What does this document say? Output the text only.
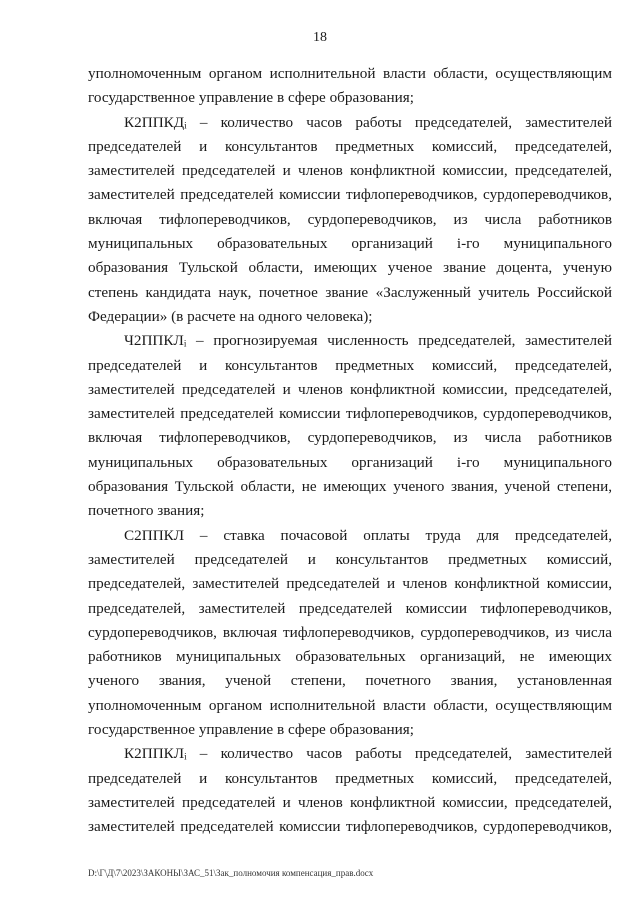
18

уполномоченным органом исполнительной власти области, осуществляющим

государственное управление в сфере образования;

К2ППКДᵢ – количество часов работы председателей, заместителей

председателей и консультантов предметных комиссий, председателей,

заместителей председателей и членов конфликтной комиссии, председателей,

заместителей председателей комиссии тифлопереводчиков, сурдопереводчиков,

включая тифлопереводчиков, сурдопереводчиков, из числа работников

муниципальных образовательных организаций i-го муниципального

образования Тульской области, имеющих ученое звание доцента, ученую

степень кандидата наук, почетное звание «Заслуженный учитель Российской

Федерации» (в расчете на одного человека);

Ч2ППКЛᵢ – прогнозируемая численность председателей, заместителей

председателей и консультантов предметных комиссий, председателей,

заместителей председателей и членов конфликтной комиссии, председателей,

заместителей председателей комиссии тифлопереводчиков, сурдопереводчиков,

включая тифлопереводчиков, сурдопереводчиков, из числа работников

муниципальных образовательных организаций i-го муниципального

образования Тульской области, не имеющих ученого звания, ученой степени,

почетного звания;

С2ППКЛ – ставка почасовой оплаты труда для председателей,

заместителей председателей и консультантов предметных комиссий,

председателей, заместителей председателей и членов конфликтной комиссии,

председателей, заместителей председателей комиссии тифлопереводчиков,

сурдопереводчиков, включая тифлопереводчиков, сурдопереводчиков, из числа

работников муниципальных образовательных организаций, не имеющих

ученого звания, ученой степени, почетного звания, установленная

уполномоченным органом исполнительной власти области, осуществляющим

государственное управление в сфере образования;

К2ППКЛᵢ – количество часов работы председателей, заместителей

председателей и консультантов предметных комиссий, председателей,

заместителей председателей и членов конфликтной комиссии, председателей,

заместителей председателей комиссии тифлопереводчиков, сурдопереводчиков,

D:\Г\Д\7\2023\ЗАКОНЫ\ЗАС_51\Зак_полномочия компенсация_прав.docx
